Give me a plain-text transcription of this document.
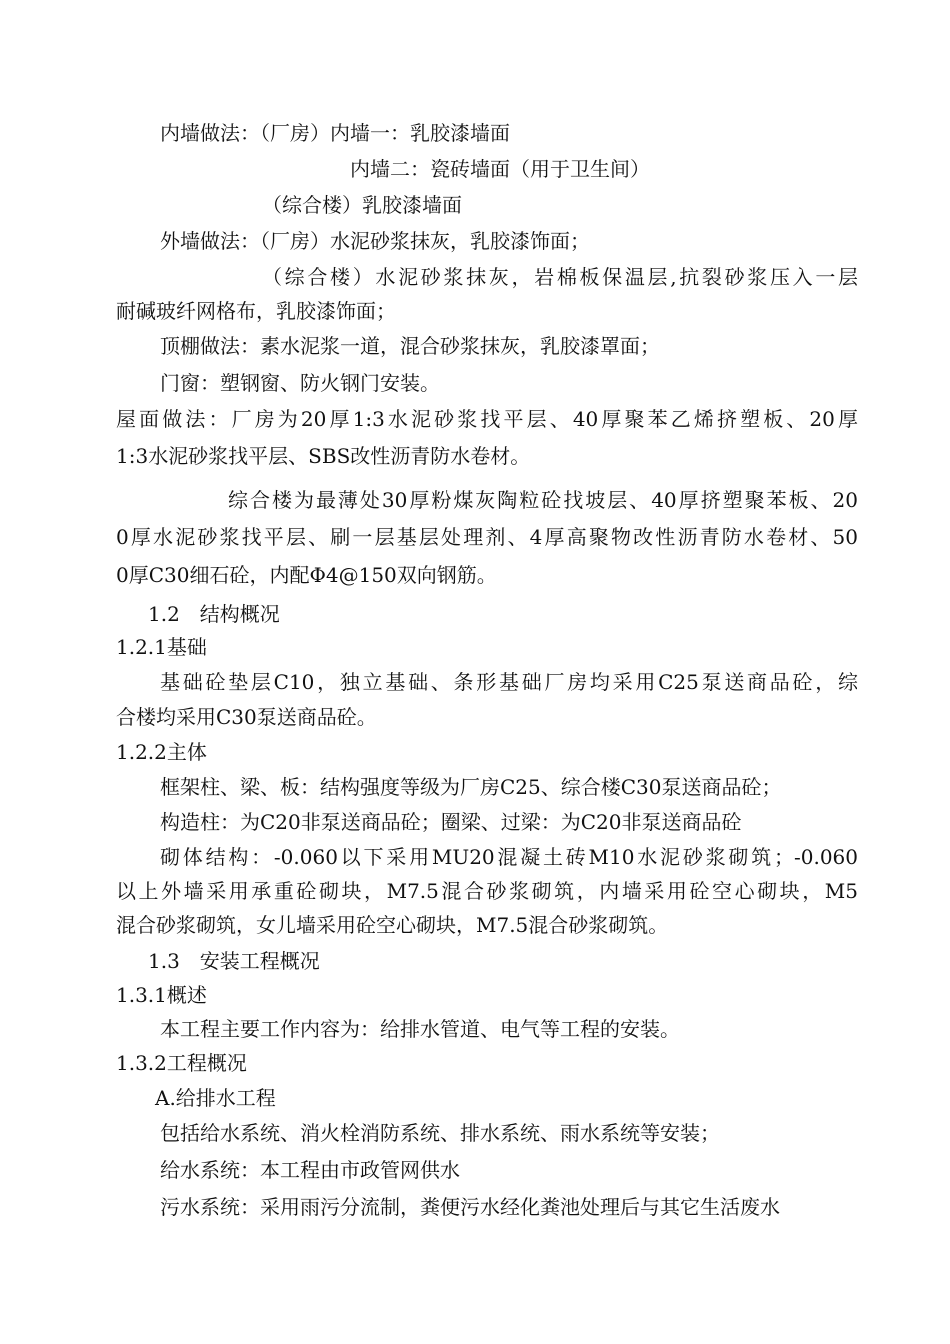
内墙做法：（厂房）内墙一：乳胶漆墙面
内墙二：瓷砖墙面（用于卫生间）
（综合楼）乳胶漆墙面
外墙做法：（厂房）水泥砂浆抹灰，乳胶漆饰面；
（综合楼）水泥砂浆抹灰，岩棉板保温层,抗裂砂浆压入一层
耐碱玻纤网格布，乳胶漆饰面；
顶棚做法：素水泥浆一道，混合砂浆抹灰，乳胶漆罩面；
门窗：塑钢窗、防火钢门安装。
屋面做法：厂房为20厚1:3水泥砂浆找平层、40厚聚苯乙烯挤塑板、20厚
1:3水泥砂浆找平层、SBS改性沥青防水卷材。
综合楼为最薄处30厚粉煤灰陶粒砼找坡层、40厚挤塑聚苯板、20
0厚水泥砂浆找平层、刷一层基层处理剂、4厚高聚物改性沥青防水卷材、50
0厚C30细石砼，内配Φ4@150双向钢筋。
1.2　结构概况
1.2.1基础
基础砼垫层C10，独立基础、条形基础厂房均采用C25泵送商品砼，综
合楼均采用C30泵送商品砼。
1.2.2主体
框架柱、梁、板：结构强度等级为厂房C25、综合楼C30泵送商品砼；
构造柱：为C20非泵送商品砼；圈梁、过梁：为C20非泵送商品砼
砌体结构：-0.060以下采用MU20混凝土砖M10水泥砂浆砌筑；-0.060
以上外墙采用承重砼砌块，M7.5混合砂浆砌筑，内墙采用砼空心砌块，M5
混合砂浆砌筑，女儿墙采用砼空心砌块，M7.5混合砂浆砌筑。
1.3　安装工程概况
1.3.1概述
本工程主要工作内容为：给排水管道、电气等工程的安装。
1.3.2工程概况
A.给排水工程
包括给水系统、消火栓消防系统、排水系统、雨水系统等安装；
给水系统：本工程由市政管网供水
污水系统：采用雨污分流制，粪便污水经化粪池处理后与其它生活废水
